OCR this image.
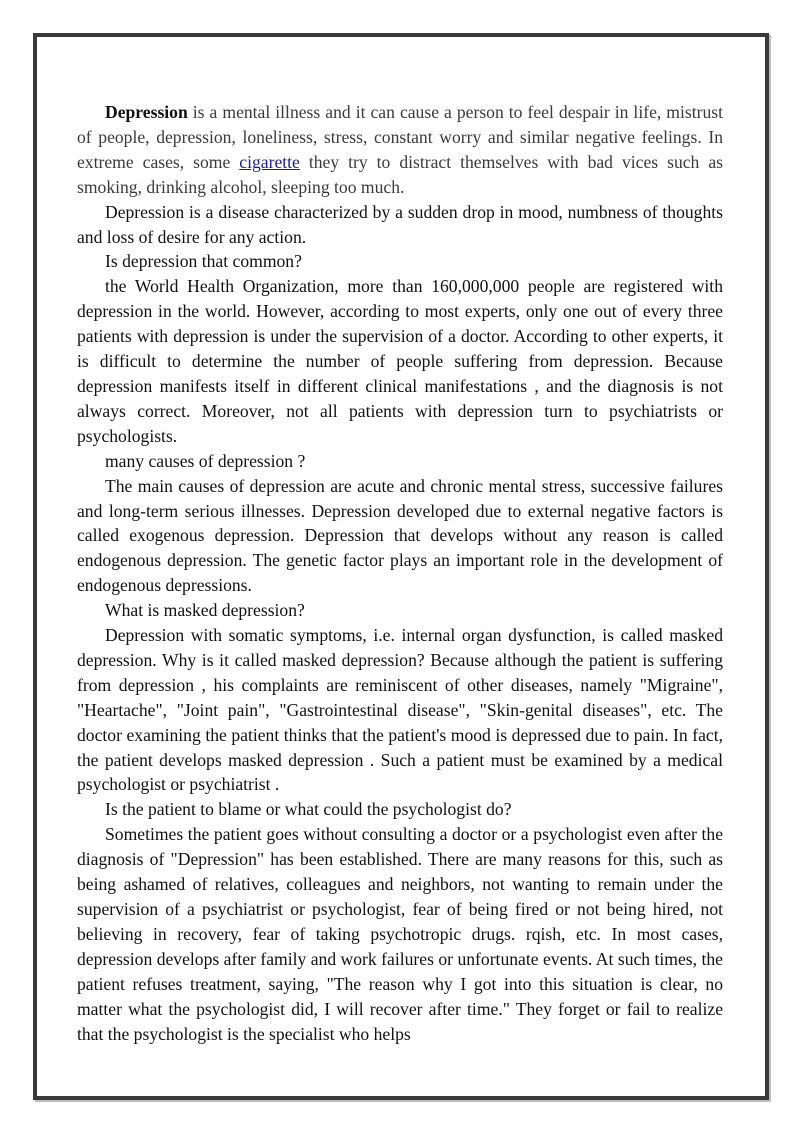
Depression is a mental illness and it can cause a person to feel despair in life, mistrust of people, depression, loneliness, stress, constant worry and similar negative feelings. In extreme cases, some cigarette they try to distract themselves with bad vices such as smoking, drinking alcohol, sleeping too much.

Depression is a disease characterized by a sudden drop in mood, numbness of thoughts and loss of desire for any action.

Is depression that common?

the World Health Organization, more than 160,000,000 people are registered with depression in the world. However, according to most experts, only one out of every three patients with depression is under the supervision of a doctor. According to other experts, it is difficult to determine the number of people suffering from depression. Because depression manifests itself in different clinical manifestations , and the diagnosis is not always correct. Moreover, not all patients with depression turn to psychiatrists or psychologists.

many causes of depression ?

The main causes of depression are acute and chronic mental stress, successive failures and long-term serious illnesses. Depression developed due to external negative factors is called exogenous depression. Depression that develops without any reason is called endogenous depression. The genetic factor plays an important role in the development of endogenous depressions.

What is masked depression?

Depression with somatic symptoms, i.e. internal organ dysfunction, is called masked depression. Why is it called masked depression? Because although the patient is suffering from depression , his complaints are reminiscent of other diseases, namely "Migraine", "Heartache", "Joint pain", "Gastrointestinal disease", "Skin-genital diseases", etc. The doctor examining the patient thinks that the patient's mood is depressed due to pain. In fact, the patient develops masked depression . Such a patient must be examined by a medical psychologist or psychiatrist .

Is the patient to blame or what could the psychologist do?

Sometimes the patient goes without consulting a doctor or a psychologist even after the diagnosis of "Depression" has been established. There are many reasons for this, such as being ashamed of relatives, colleagues and neighbors, not wanting to remain under the supervision of a psychiatrist or psychologist, fear of being fired or not being hired, not believing in recovery, fear of taking psychotropic drugs. rqish, etc. In most cases, depression develops after family and work failures or unfortunate events. At such times, the patient refuses treatment, saying, "The reason why I got into this situation is clear, no matter what the psychologist did, I will recover after time." They forget or fail to realize that the psychologist is the specialist who helps
